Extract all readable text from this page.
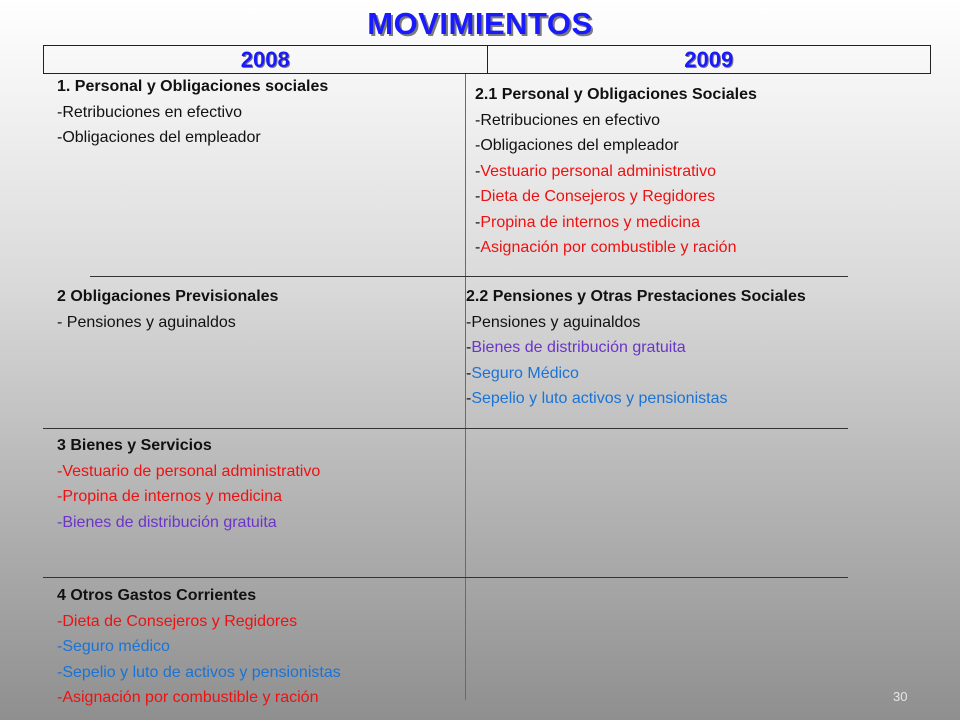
MOVIMIENTOS
2008	2009
1. Personal y Obligaciones sociales
-Retribuciones en efectivo
-Obligaciones del empleador
2 Obligaciones Previsionales
- Pensiones y aguinaldos
3 Bienes y Servicios
-Vestuario de personal administrativo
-Propina de internos y medicina
-Bienes de distribución gratuita
4 Otros Gastos Corrientes
-Dieta de Consejeros y Regidores
-Seguro médico
-Sepelio y luto de activos y pensionistas
-Asignación por combustible y ración
2.1 Personal y Obligaciones Sociales
-Retribuciones en efectivo
-Obligaciones del empleador
-Vestuario personal administrativo
-Dieta de Consejeros y Regidores
-Propina de internos y medicina
-Asignación por combustible y ración
2.2 Pensiones y Otras Prestaciones Sociales
-Pensiones y aguinaldos
-Bienes de distribución gratuita
-Seguro Médico
-Sepelio y luto activos y pensionistas
30
